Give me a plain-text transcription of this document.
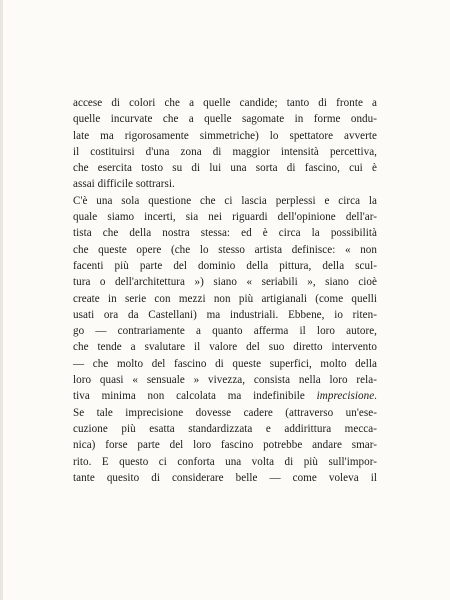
accese di colori che a quelle candide; tanto di fronte a
quelle incurvate che a quelle sagomate in forme ondu-
late ma rigorosamente simmetriche) lo spettatore avverte
il costituirsi d'una zona di maggior intensità percettiva,
che esercita tosto su di lui una sorta di fascino, cui è
assai difficile sottrarsi.

C'è una sola questione che ci lascia perplessi e circa la
quale siamo incerti, sia nei riguardi dell'opinione dell'ar-
tista che della nostra stessa: ed è circa la possibilità
che queste opere (che lo stesso artista definisce: « non
facenti più parte del dominio della pittura, della scul-
tura o dell'architettura ») siano « seriabili », siano cioè
create in serie con mezzi non più artigianali (come quelli
usati ora da Castellani) ma industriali. Ebbene, io riten-
go — contrariamente a quanto afferma il loro autore,
che tende a svalutare il valore del suo diretto intervento
— che molto del fascino di queste superfici, molto della
loro quasi « sensuale » vivezza, consista nella loro rela-
tiva minima non calcolata ma indefinibile imprecisione.
Se tale imprecisione dovesse cadere (attraverso un'ese-
cuzione più esatta standardizzata e addirittura mecca-
nica) forse parte del loro fascino potrebbe andare smar-
rito. E questo ci conforta una volta di più sull'impor-
tante quesito di considerare belle — come voleva il
